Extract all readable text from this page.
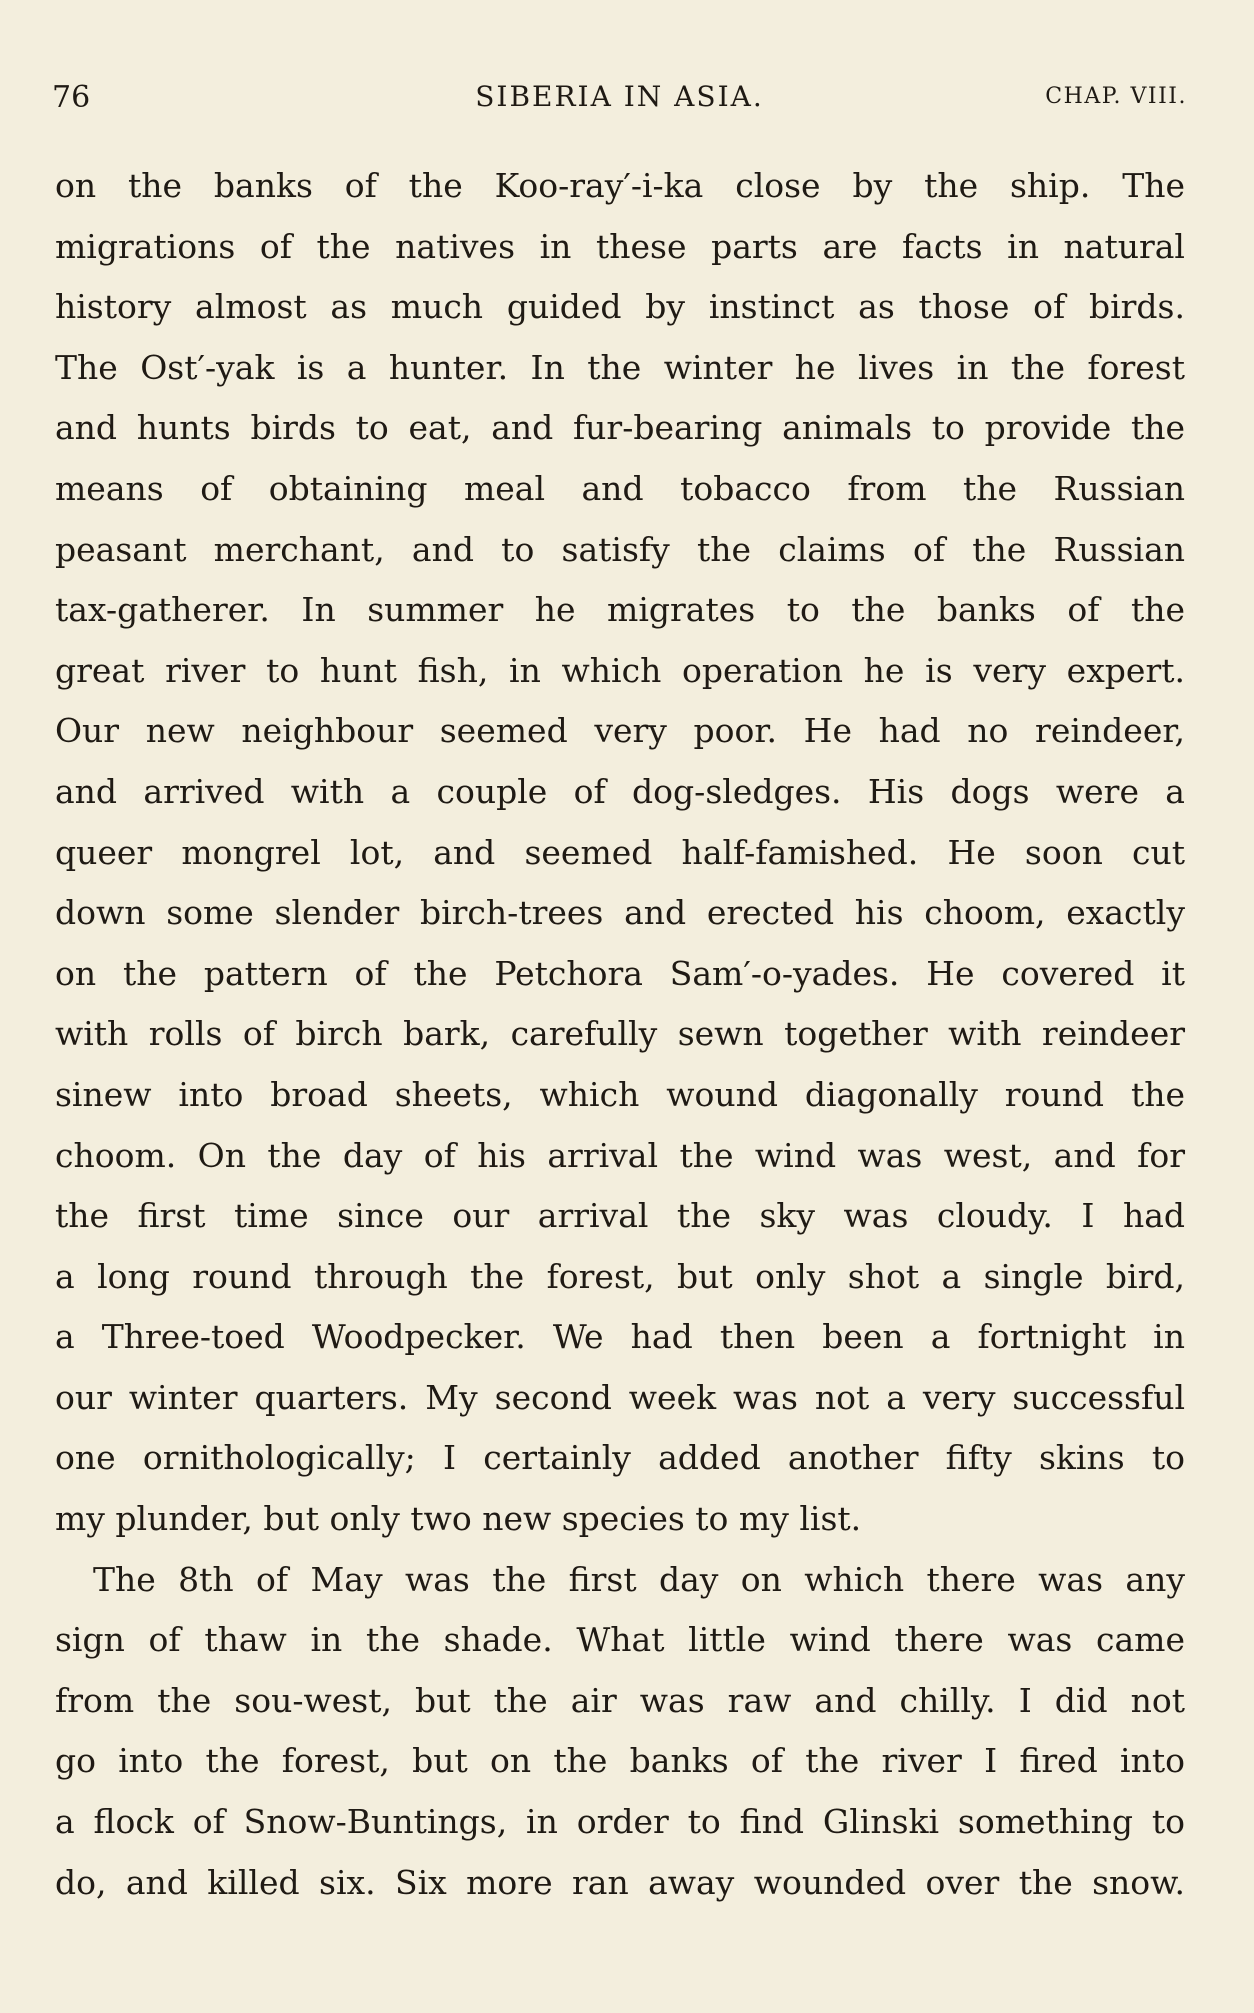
76	SIBERIA IN ASIA.	CHAP. VIII.
on the banks of the Koo-ray′-i-ka close by the ship. The
migrations of the natives in these parts are facts in natural
history almost as much guided by instinct as those of birds.
The Ost′-yak is a hunter. In the winter he lives in the forest
and hunts birds to eat, and fur-bearing animals to provide the
means of obtaining meal and tobacco from the Russian
peasant merchant, and to satisfy the claims of the Russian
tax-gatherer. In summer he migrates to the banks of the
great river to hunt fish, in which operation he is very expert.
Our new neighbour seemed very poor. He had no reindeer,
and arrived with a couple of dog-sledges. His dogs were a
queer mongrel lot, and seemed half-famished. He soon cut
down some slender birch-trees and erected his choom, exactly
on the pattern of the Petchora Sam′-o-yades. He covered it
with rolls of birch bark, carefully sewn together with reindeer
sinew into broad sheets, which wound diagonally round the
choom. On the day of his arrival the wind was west, and for
the first time since our arrival the sky was cloudy. I had
a long round through the forest, but only shot a single bird,
a Three-toed Woodpecker. We had then been a fortnight in
our winter quarters. My second week was not a very successful
one ornithologically; I certainly added another fifty skins to
my plunder, but only two new species to my list.
The 8th of May was the first day on which there was any
sign of thaw in the shade. What little wind there was came
from the sou-west, but the air was raw and chilly. I did not
go into the forest, but on the banks of the river I fired into
a flock of Snow-Buntings, in order to find Glinski something to
do, and killed six. Six more ran away wounded over the snow.
